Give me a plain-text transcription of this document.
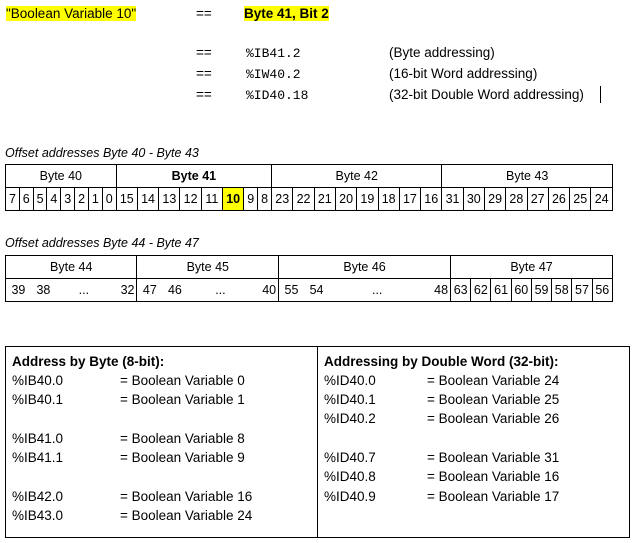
"Boolean Variable 10"	== Byte 41, Bit 2
==	%IB41.2	(Byte addressing)
==	%IW40.2	(16-bit Word addressing)
==	%ID40.18	(32-bit Double Word addressing)
Offset addresses Byte 40 - Byte 43
Byte 40								Byte 41								Byte 42								Byte 43							
7	6	5	4	3	2	1	0	15	14	13	12	11	10	9	8	23	22	21	20	19	18	17	16	31	30	29	28	27	26	25	24
Offset addresses Byte 44 - Byte 47
Byte 44				Byte 45				Byte 46				Byte 47							
39	38	...	32	47	46	...	40	55	54	...	48	63	62	61	60	59	58	57	56
Address by Byte (8-bit):
%IB40.0	= Boolean Variable 0
%IB40.1	= Boolean Variable 1
%IB41.0	= Boolean Variable 8
%IB41.1	= Boolean Variable 9
%IB42.0	= Boolean Variable 16
%IB43.0	= Boolean Variable 24
Addressing by Double Word (32-bit):
%ID40.0	= Boolean Variable 24
%ID40.1	= Boolean Variable 25
%ID40.2	= Boolean Variable 26
%ID40.7	= Boolean Variable 31
%ID40.8	= Boolean Variable 16
%ID40.9	= Boolean Variable 17
